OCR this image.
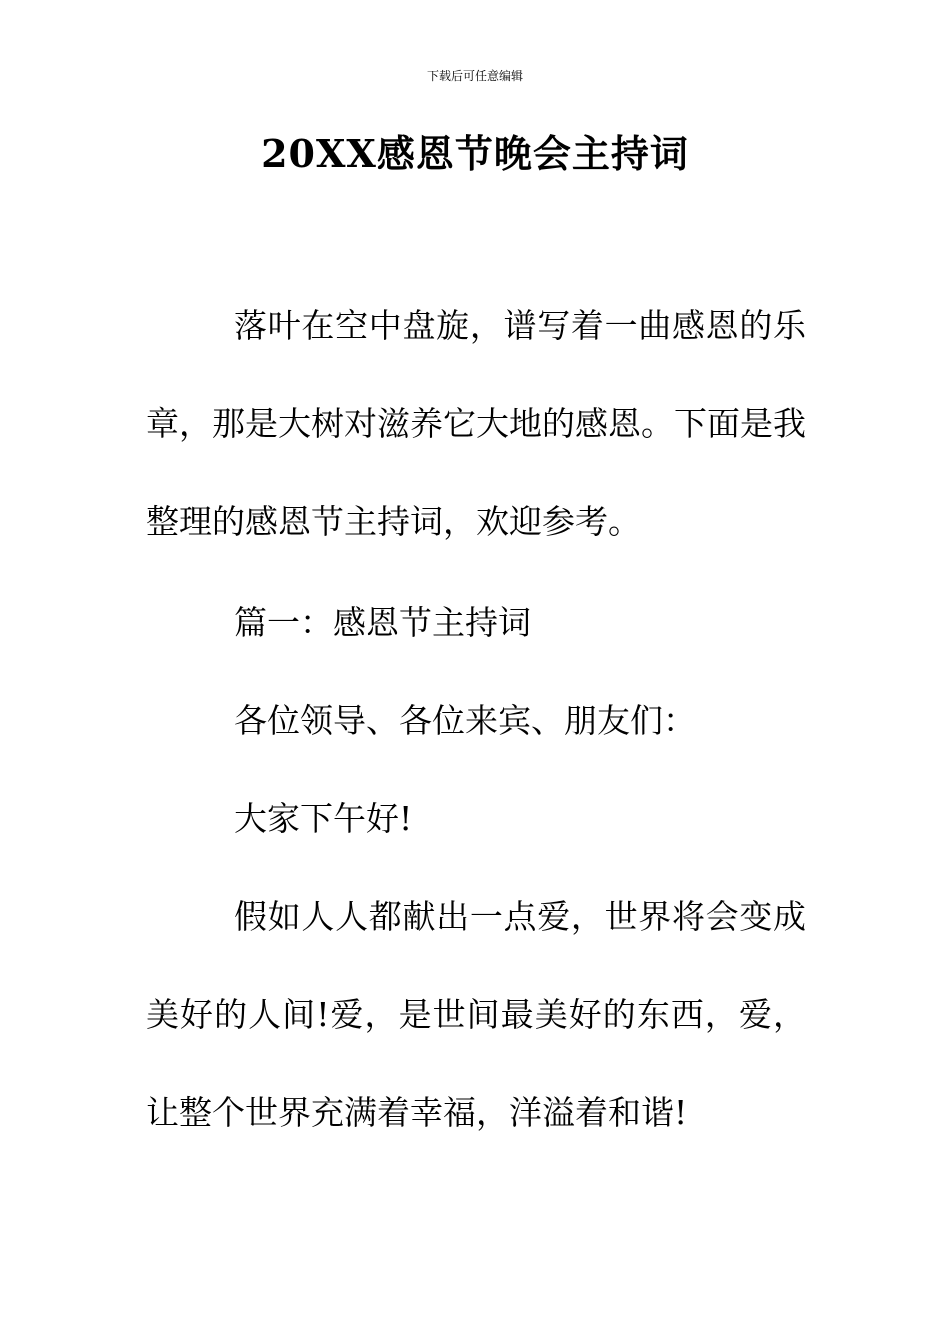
下载后可任意编辑
20XX感恩节晚会主持词

落叶在空中盘旋，谱写着一曲感恩的乐章，那是大树对滋养它大地的感恩。下面是我整理的感恩节主持词，欢迎参考。

篇一：感恩节主持词

各位领导、各位来宾、朋友们：

大家下午好!

假如人人都献出一点爱，世界将会变成美好的人间!爱，是世间最美好的东西，爱，让整个世界充满着幸福，洋溢着和谐!
